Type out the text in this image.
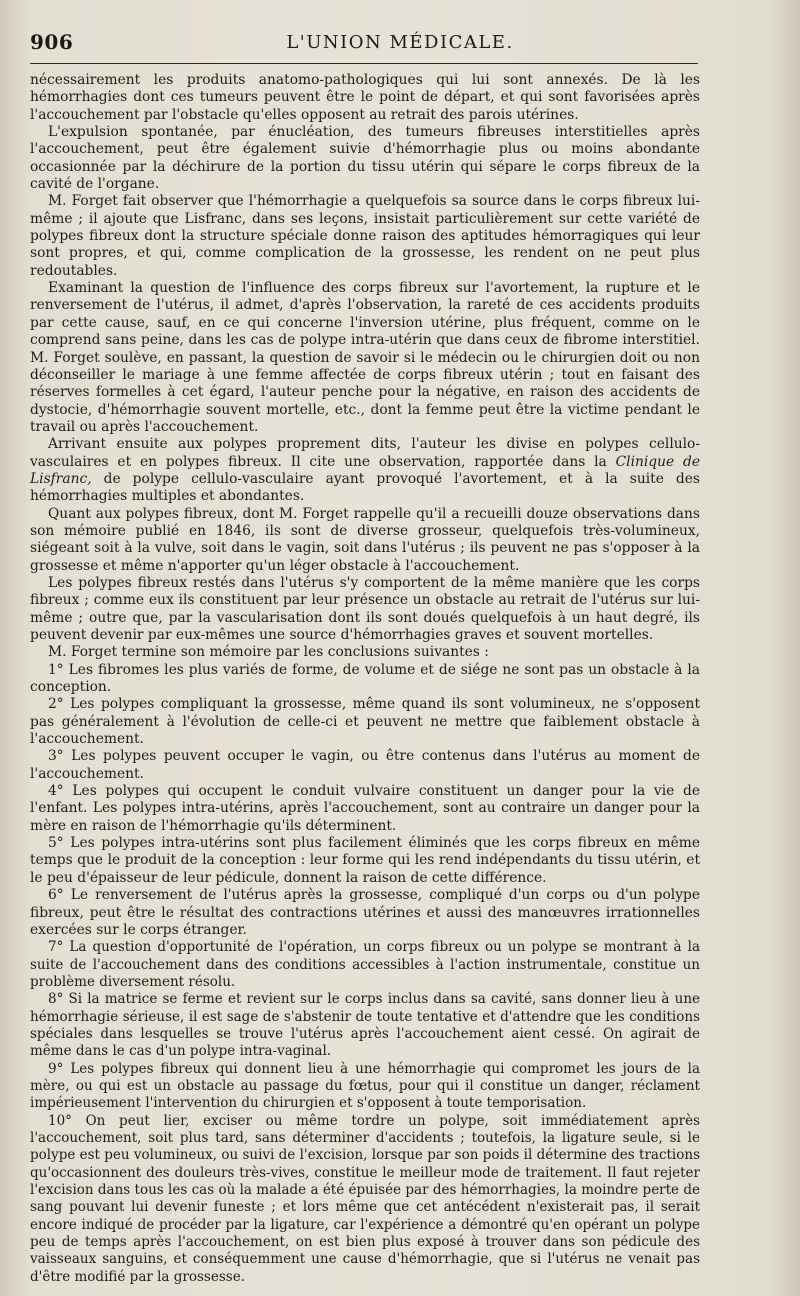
906	L'UNION MÉDICALE.

nécessairement les produits anatomo-pathologiques qui lui sont annexés. De là les hémorrhagies dont ces tumeurs peuvent être le point de départ, et qui sont favorisées après l'accouchement par l'obstacle qu'elles opposent au retrait des parois utérines.

L'expulsion spontanée, par énucléation, des tumeurs fibreuses interstitielles après l'accouchement, peut être également suivie d'hémorrhagie plus ou moins abondante occasionnée par la déchirure de la portion du tissu utérin qui sépare le corps fibreux de la cavité de l'organe.

M. Forget fait observer que l'hémorrhagie a quelquefois sa source dans le corps fibreux lui-même ; il ajoute que Lisfranc, dans ses leçons, insistait particulièrement sur cette variété de polypes fibreux dont la structure spéciale donne raison des aptitudes hémorragiques qui leur sont propres, et qui, comme complication de la grossesse, les rendent on ne peut plus redoutables.

Examinant la question de l'influence des corps fibreux sur l'avortement, la rupture et le renversement de l'utérus, il admet, d'après l'observation, la rareté de ces accidents produits par cette cause, sauf, en ce qui concerne l'inversion utérine, plus fréquent, comme on le comprend sans peine, dans les cas de polype intra-utérin que dans ceux de fibrome interstitiel. M. Forget soulève, en passant, la question de savoir si le médecin ou le chirurgien doit ou non déconseiller le mariage à une femme affectée de corps fibreux utérin ; tout en faisant des réserves formelles à cet égard, l'auteur penche pour la négative, en raison des accidents de dystocie, d'hémorrhagie souvent mortelle, etc., dont la femme peut être la victime pendant le travail ou après l'accouchement.

Arrivant ensuite aux polypes proprement dits, l'auteur les divise en polypes cellulo-vasculaires et en polypes fibreux. Il cite une observation, rapportée dans la Clinique de Lisfranc, de polype cellulo-vasculaire ayant provoqué l'avortement, et à la suite des hémorrhagies multiples et abondantes.

Quant aux polypes fibreux, dont M. Forget rappelle qu'il a recueilli douze observations dans son mémoire publié en 1846, ils sont de diverse grosseur, quelquefois très-volumineux, siégeant soit à la vulve, soit dans le vagin, soit dans l'utérus ; ils peuvent ne pas s'opposer à la grossesse et même n'apporter qu'un léger obstacle à l'accouchement.

Les polypes fibreux restés dans l'utérus s'y comportent de la même manière que les corps fibreux ; comme eux ils constituent par leur présence un obstacle au retrait de l'utérus sur lui-même ; outre que, par la vascularisation dont ils sont doués quelquefois à un haut degré, ils peuvent devenir par eux-mêmes une source d'hémorrhagies graves et souvent mortelles.

M. Forget termine son mémoire par les conclusions suivantes :

1° Les fibromes les plus variés de forme, de volume et de siége ne sont pas un obstacle à la conception.

2° Les polypes compliquant la grossesse, même quand ils sont volumineux, ne s'opposent pas généralement à l'évolution de celle-ci et peuvent ne mettre que faiblement obstacle à l'accouchement.

3° Les polypes peuvent occuper le vagin, ou être contenus dans l'utérus au moment de l'accouchement.

4° Les polypes qui occupent le conduit vulvaire constituent un danger pour la vie de l'enfant. Les polypes intra-utérins, après l'accouchement, sont au contraire un danger pour la mère en raison de l'hémorrhagie qu'ils déterminent.

5° Les polypes intra-utérins sont plus facilement éliminés que les corps fibreux en même temps que le produit de la conception : leur forme qui les rend indépendants du tissu utérin, et le peu d'épaisseur de leur pédicule, donnent la raison de cette différence.

6° Le renversement de l'utérus après la grossesse, compliqué d'un corps ou d'un polype fibreux, peut être le résultat des contractions utérines et aussi des manœuvres irrationnelles exercées sur le corps étranger.

7° La question d'opportunité de l'opération, un corps fibreux ou un polype se montrant à la suite de l'accouchement dans des conditions accessibles à l'action instrumentale, constitue un problème diversement résolu.

8° Si la matrice se ferme et revient sur le corps inclus dans sa cavité, sans donner lieu à une hémorrhagie sérieuse, il est sage de s'abstenir de toute tentative et d'attendre que les conditions spéciales dans lesquelles se trouve l'utérus après l'accouchement aient cessé. On agirait de même dans le cas d'un polype intra-vaginal.

9° Les polypes fibreux qui donnent lieu à une hémorrhagie qui compromet les jours de la mère, ou qui est un obstacle au passage du fœtus, pour qui il constitue un danger, réclament impérieusement l'intervention du chirurgien et s'opposent à toute temporisation.

10° On peut lier, exciser ou même tordre un polype, soit immédiatement après l'accouchement, soit plus tard, sans déterminer d'accidents ; toutefois, la ligature seule, si le polype est peu volumineux, ou suivi de l'excision, lorsque par son poids il détermine des tractions qu'occasionnent des douleurs très-vives, constitue le meilleur mode de traitement. Il faut rejeter l'excision dans tous les cas où la malade a été épuisée par des hémorrhagies, la moindre perte de sang pouvant lui devenir funeste ; et lors même que cet antécédent n'existerait pas, il serait encore indiqué de procéder par la ligature, car l'expérience a démontré qu'en opérant un polype peu de temps après l'accouchement, on est bien plus exposé à trouver dans son pédicule des vaisseaux sanguins, et conséquemment une cause d'hémorrhagie, que si l'utérus ne venait pas d'être modifié par la grossesse.
